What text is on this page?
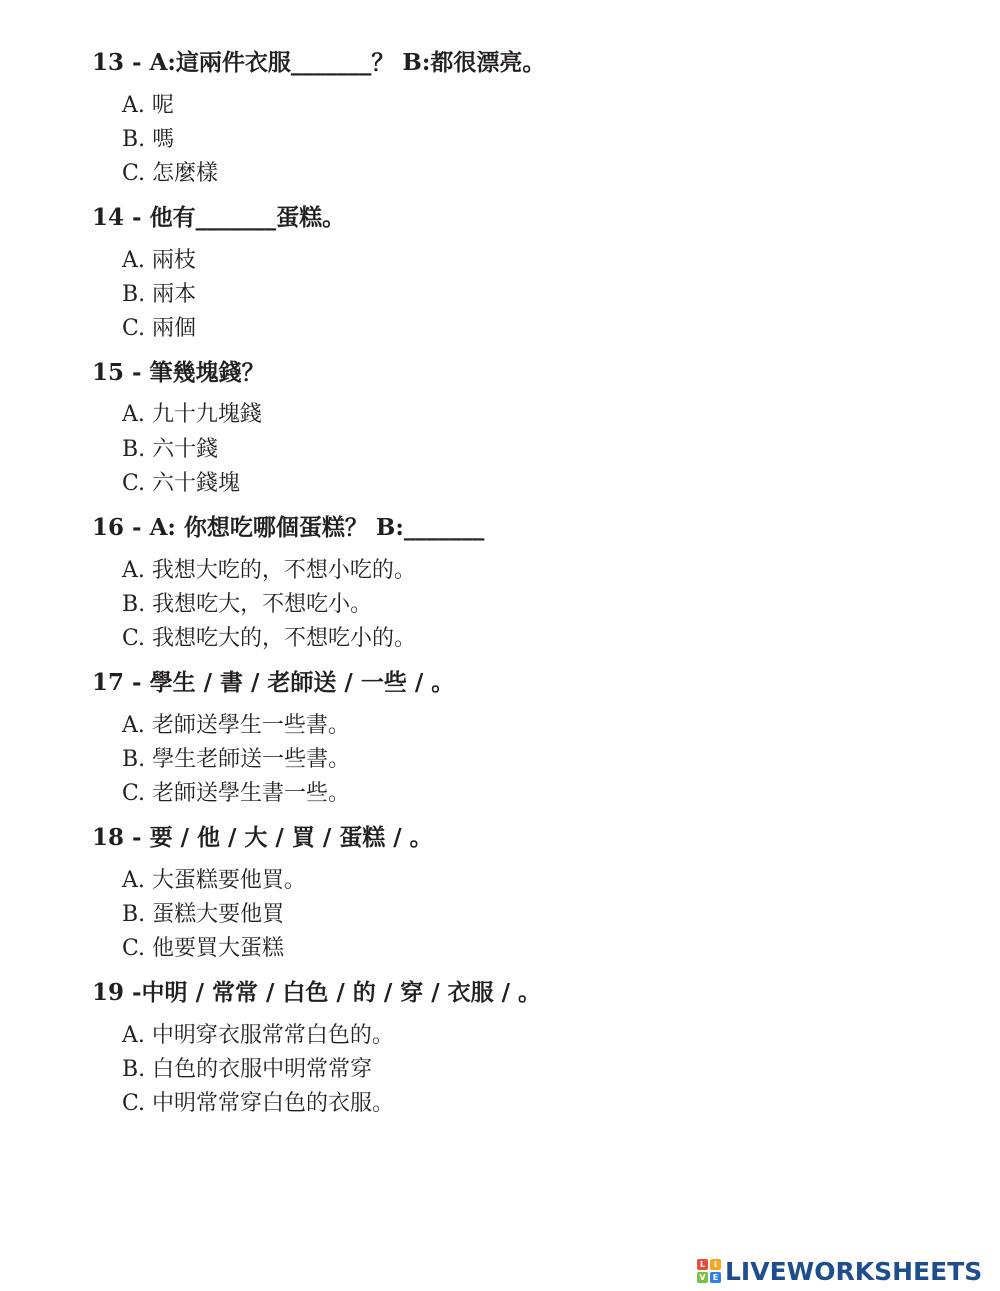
13 - A:這兩件衣服_______？ B:都很漂亮。
A. 呢
B. 嗎
C. 怎麼樣
14 - 他有_______蛋糕。
A. 兩枝
B. 兩本
C. 兩個
15 - 筆幾塊錢？
A. 九十九塊錢
B. 六十錢
C. 六十錢塊
16 - A: 你想吃哪個蛋糕？ B:_______
A. 我想大吃的，不想小吃的。
B. 我想吃大，不想吃小。
C. 我想吃大的，不想吃小的。
17 - 學生 / 書 / 老師送 / 一些 / 。
A. 老師送學生一些書。
B. 學生老師送一些書。
C. 老師送學生書一些。
18 - 要 / 他 / 大 / 買 / 蛋糕 / 。
A. 大蛋糕要他買。
B. 蛋糕大要他買
C. 他要買大蛋糕
19 -中明 / 常常 / 白色 / 的 / 穿 / 衣服 / 。
A. 中明穿衣服常常白色的。
B. 白色的衣服中明常常穿
C. 中明常常穿白色的衣服。
L	I
V E LIVEWORKSHEETS
